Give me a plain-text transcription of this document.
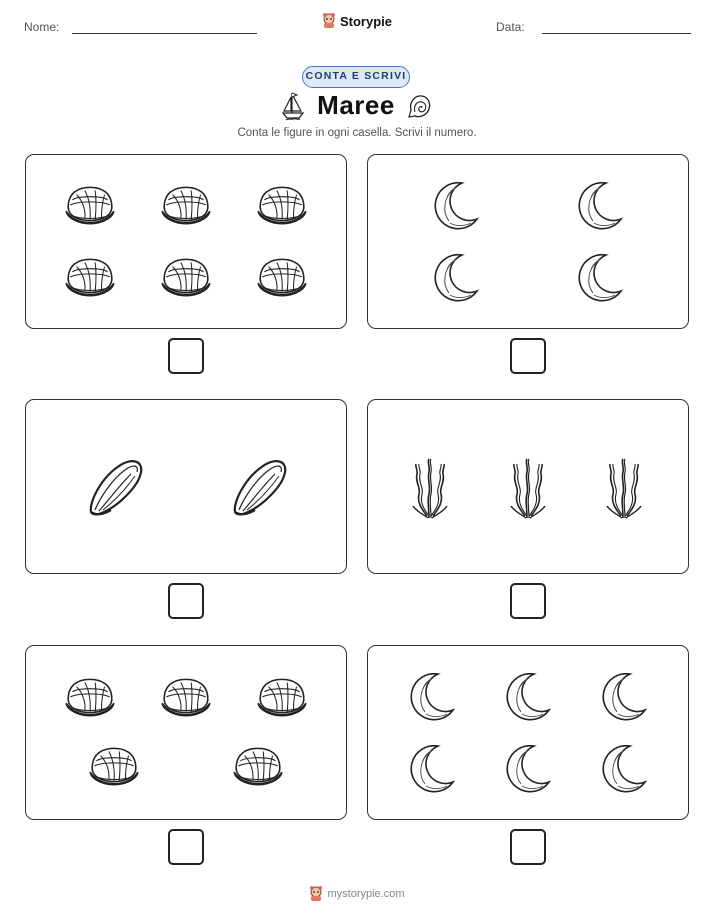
Nome:	Storypie	Data:
CONTA E SCRIVI
Maree
Conta le figure in ogni casella. Scrivi il numero.
mystorypie.com
